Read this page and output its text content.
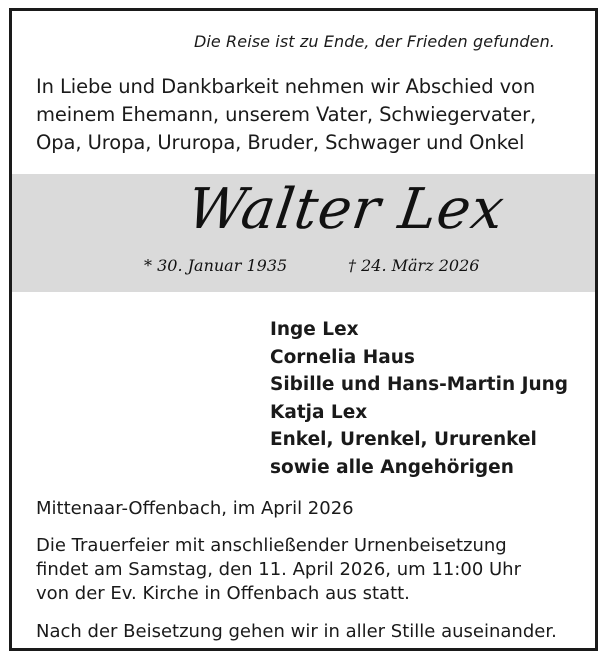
Die Reise ist zu Ende, der Frieden gefunden.
In Liebe und Dankbarkeit nehmen wir Abschied von
meinem Ehemann, unserem Vater, Schwiegervater,
Opa, Uropa, Ururopa, Bruder, Schwager und Onkel
Walter Lex
* 30. Januar 1935	† 24. März 2026
Inge Lex
Cornelia Haus
Sibille und Hans-Martin Jung
Katja Lex
Enkel, Urenkel, Ururenkel
sowie alle Angehörigen
Mittenaar-Offenbach, im April 2026
Die Trauerfeier mit anschließender Urnenbeisetzung
findet am Samstag, den 11. April 2026, um 11:00 Uhr
von der Ev. Kirche in Offenbach aus statt.
Nach der Beisetzung gehen wir in aller Stille auseinander.
